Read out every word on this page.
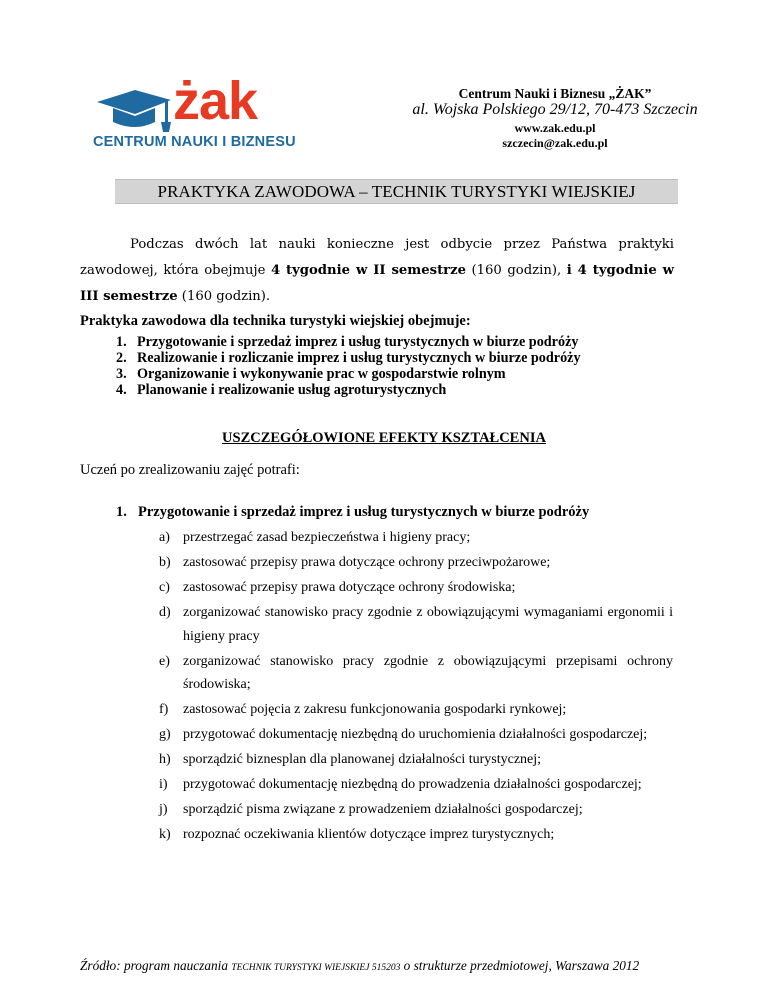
żak
CENTRUM NAUKI I BIZNESU
Centrum Nauki i Biznesu „ŻAK”
al. Wojska Polskiego 29/12, 70-473 Szczecin
www.zak.edu.pl
szczecin@zak.edu.pl
PRAKTYKA ZAWODOWA – TECHNIK TURYSTYKI WIEJSKIEJ
Podczas dwóch lat nauki konieczne jest odbycie przez Państwa praktyki zawodowej, która obejmuje 4 tygodnie w II semestrze (160 godzin), i 4 tygodnie w III semestrze (160 godzin).
Praktyka zawodowa dla technika turystyki wiejskiej obejmuje:
1. Przygotowanie i sprzedaż imprez i usług turystycznych w biurze podróży
2. Realizowanie i rozliczanie imprez i usług turystycznych w biurze podróży
3. Organizowanie i wykonywanie prac w gospodarstwie rolnym
4. Planowanie i realizowanie usług agroturystycznych
USZCZEGÓŁOWIONE EFEKTY KSZTAŁCENIA
Uczeń po zrealizowaniu zajęć potrafi:
1. Przygotowanie i sprzedaż imprez i usług turystycznych w biurze podróży
a) przestrzegać zasad bezpieczeństwa i higieny pracy;
b) zastosować przepisy prawa dotyczące ochrony przeciwpożarowe;
c) zastosować przepisy prawa dotyczące ochrony środowiska;
d) zorganizować stanowisko pracy zgodnie z obowiązującymi wymaganiami ergonomii i higieny pracy
e) zorganizować stanowisko pracy zgodnie z obowiązującymi przepisami ochrony środowiska;
f)	zastosować pojęcia z zakresu funkcjonowania gospodarki rynkowej;
g) przygotować dokumentację niezbędną do uruchomienia działalności gospodarczej;
h) sporządzić biznesplan dla planowanej działalności turystycznej;
i)	przygotować dokumentację niezbędną do prowadzenia działalności gospodarczej;
j)	sporządzić pisma związane z prowadzeniem działalności gospodarczej;
k) rozpoznać oczekiwania klientów dotyczące imprez turystycznych;
Źródło: program nauczania TECHNIK TURYSTYKI WIEJSKIEJ 515203 o strukturze przedmiotowej, Warszawa 2012
